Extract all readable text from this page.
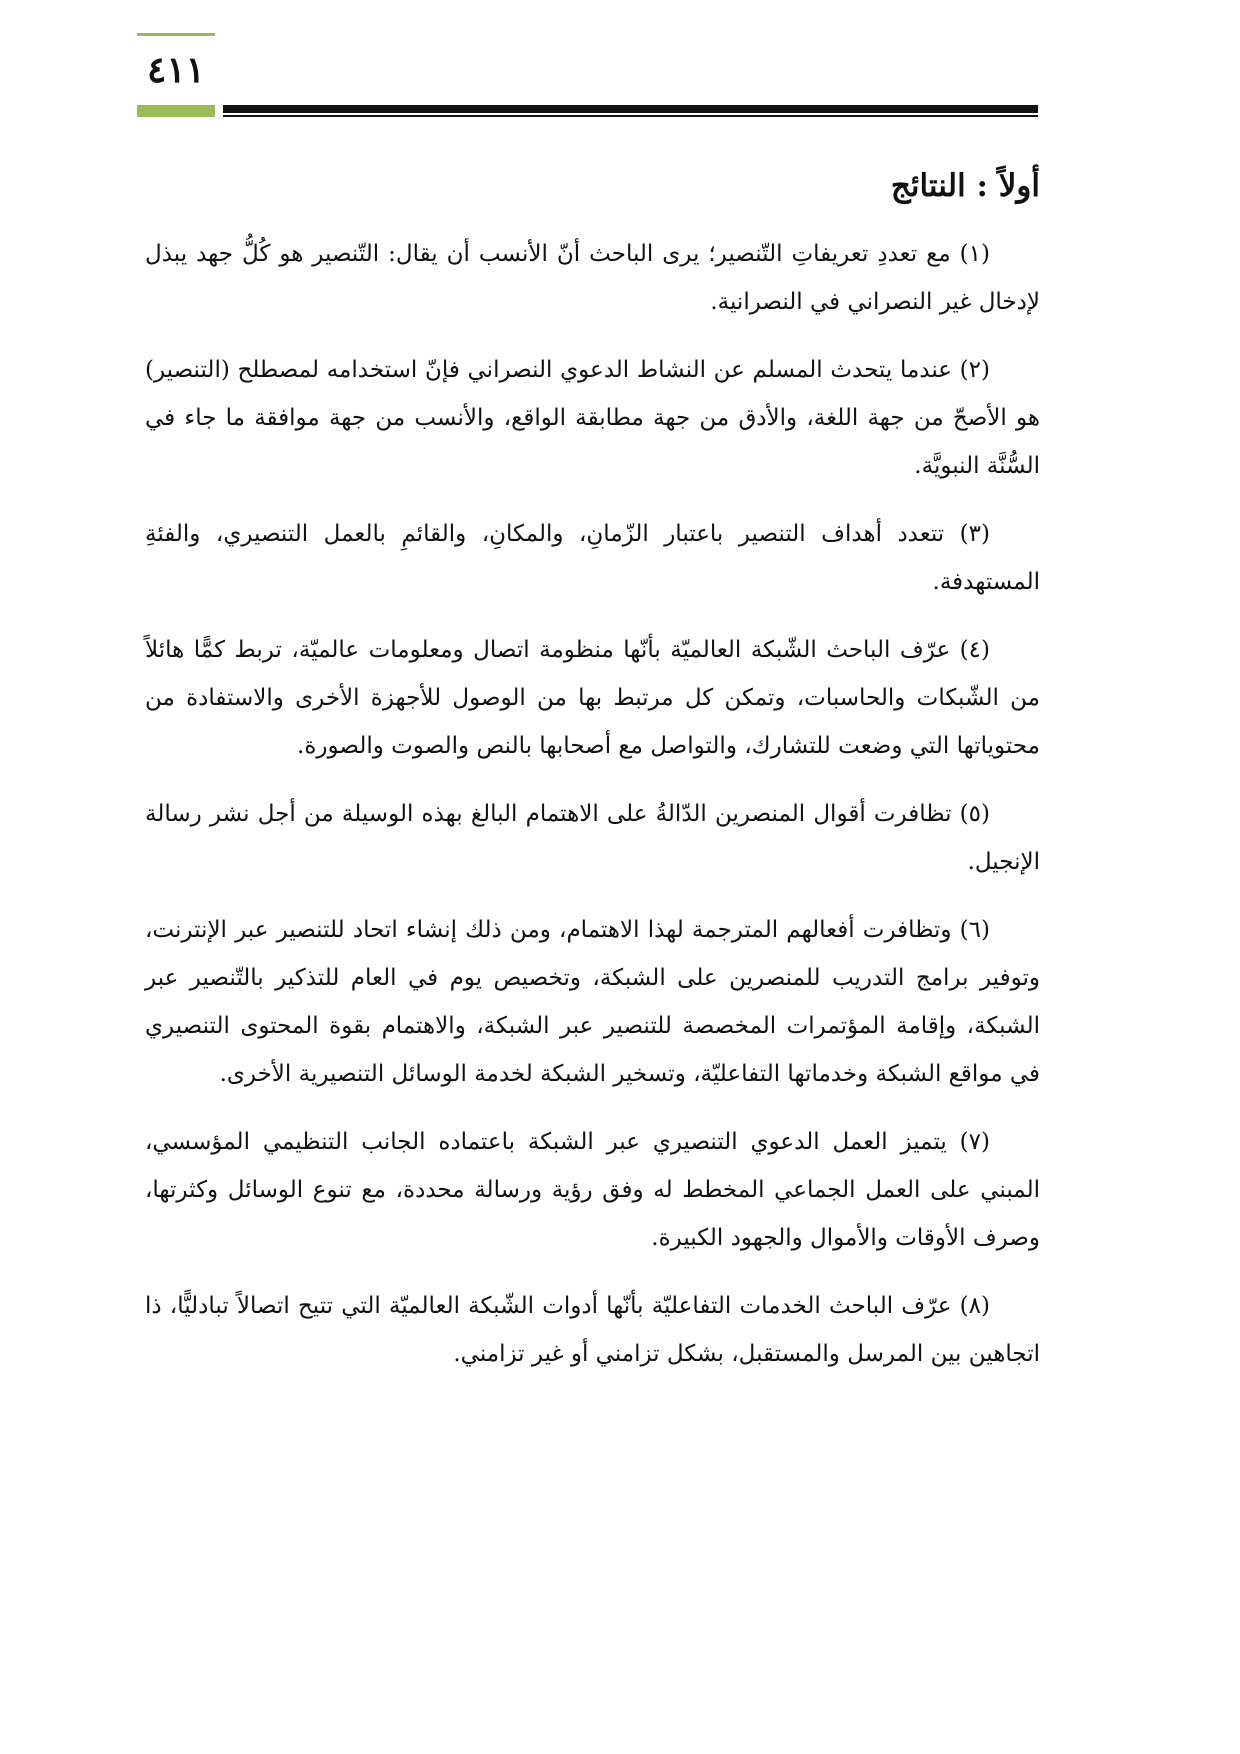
٤١١
أولاً : النتائج

(١) مع تعددِ تعريفاتِ التّنصير؛ يرى الباحث أنّ الأنسب أن يقال: التّنصير هو كُلُّ جهد يبذل لإدخال غير النصراني في النصرانية.

(٢) عندما يتحدث المسلم عن النشاط الدعوي النصراني فإنّ استخدامه لمصطلح (التنصير) هو الأصحّ من جهة اللغة، والأدق من جهة مطابقة الواقع، والأنسب من جهة موافقة ما جاء في السُّنَّة النبويَّة.

(٣) تتعدد أهداف التنصير باعتبار الزّمانِ، والمكانِ، والقائمِ بالعمل التنصيري، والفئةِ المستهدفة.

(٤) عرّف الباحث الشّبكة العالميّة بأنّها منظومة اتصال ومعلومات عالميّة، تربط كمًّا هائلاً من الشّبكات والحاسبات، وتمكن كل مرتبط بها من الوصول للأجهزة الأخرى والاستفادة من محتوياتها التي وضعت للتشارك، والتواصل مع أصحابها بالنص والصوت والصورة.

(٥) تظافرت أقوال المنصرين الدّالةُ على الاهتمام البالغ بهذه الوسيلة من أجل نشر رسالة الإنجيل.

(٦) وتظافرت أفعالهم المترجمة لهذا الاهتمام، ومن ذلك إنشاء اتحاد للتنصير عبر الإنترنت، وتوفير برامج التدريب للمنصرين على الشبكة، وتخصيص يوم في العام للتذكير بالتّنصير عبر الشبكة، وإقامة المؤتمرات المخصصة للتنصير عبر الشبكة، والاهتمام بقوة المحتوى التنصيري في مواقع الشبكة وخدماتها التفاعليّة، وتسخير الشبكة لخدمة الوسائل التنصيرية الأخرى.

(٧) يتميز العمل الدعوي التنصيري عبر الشبكة باعتماده الجانب التنظيمي المؤسسي، المبني على العمل الجماعي المخطط له وفق رؤية ورسالة محددة، مع تنوع الوسائل وكثرتها، وصرف الأوقات والأموال والجهود الكبيرة.

(٨) عرّف الباحث الخدمات التفاعليّة بأنّها أدوات الشّبكة العالميّة التي تتيح اتصالاً تبادليًّا، ذا اتجاهين بين المرسل والمستقبل، بشكل تزامني أو غير تزامني.
